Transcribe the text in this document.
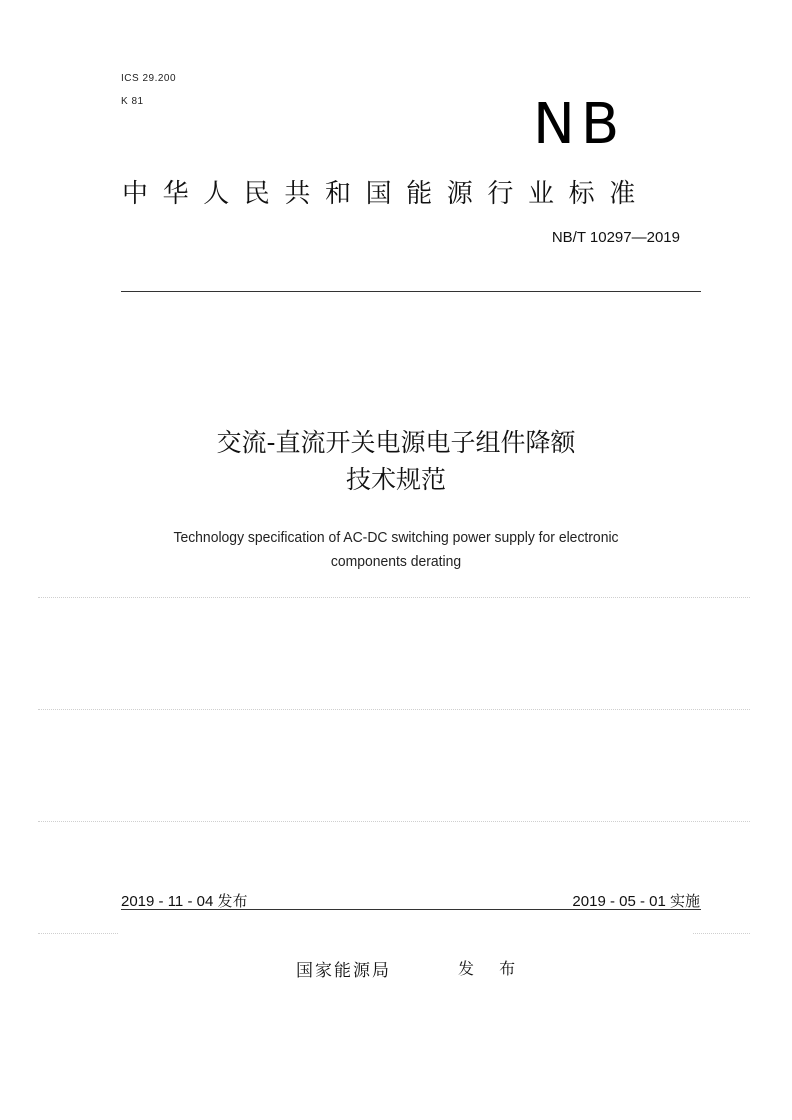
ICS 29.200
K 81	NB
中华人民共和国能源行业标准
NB/T 10297—2019
交流-直流开关电源电子组件降额
技术规范
Technology specification of AC-DC switching power supply for electronic
components derating
2019 - 11 - 04 发布	2019 - 05 - 01 实施
国家能源局	发 布
